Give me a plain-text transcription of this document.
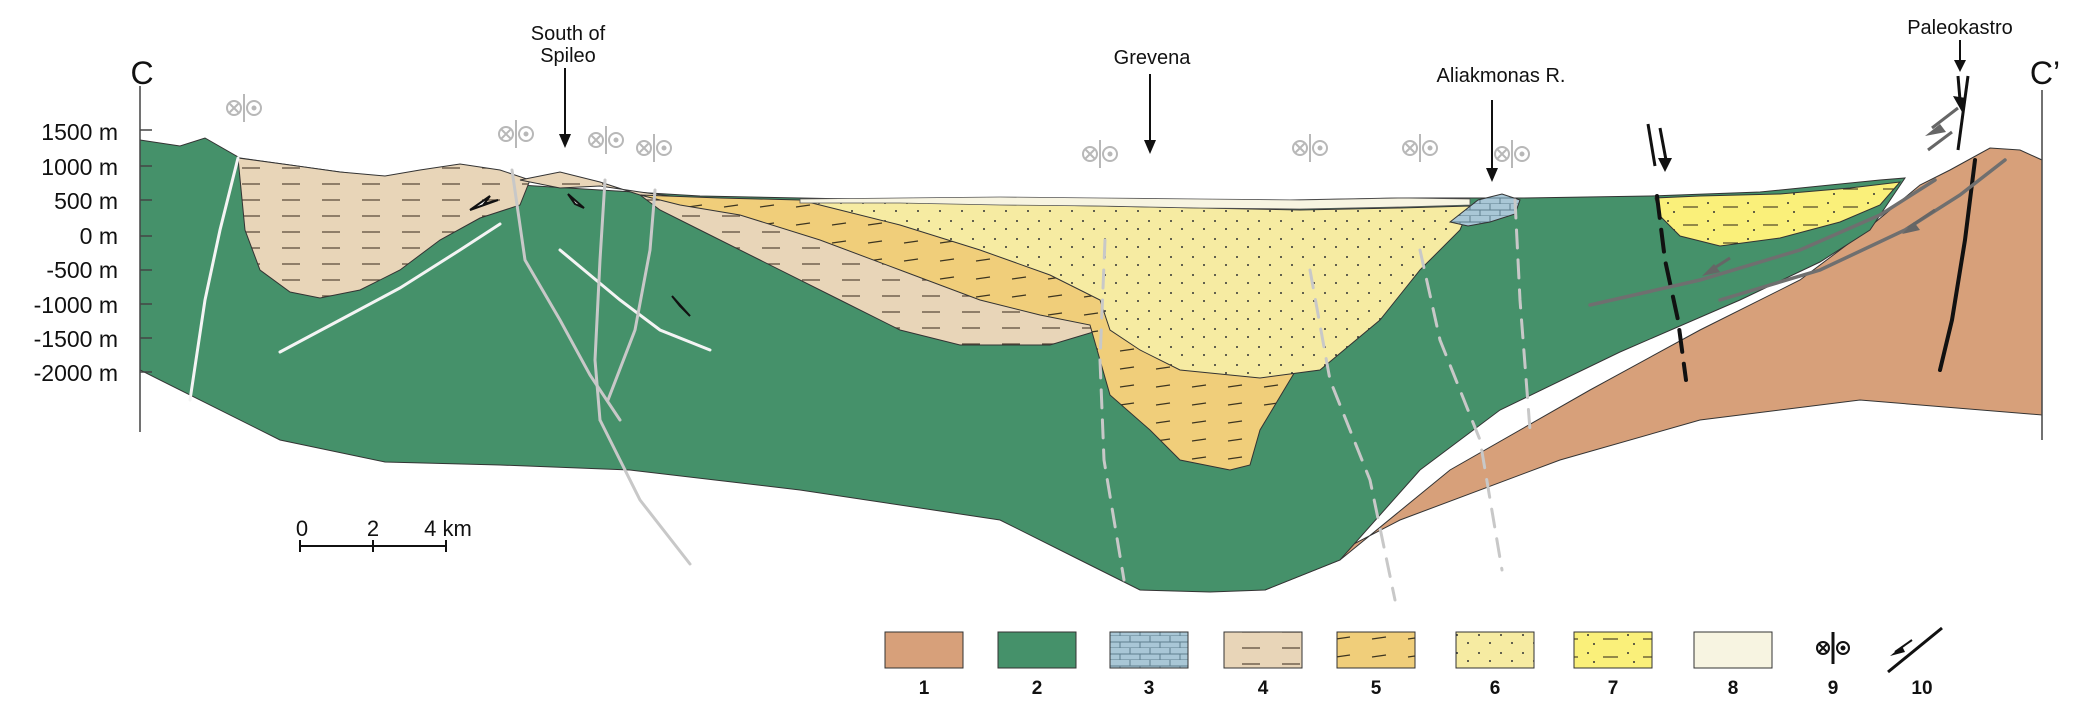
1500 m
1000 m
500 m
0 m
-500 m
-1000 m
-1500 m
-2000 m
C	C’
South of
Spileo	Grevena
Aliakmonas R.
Paleokastro
0	2 4 km
1	2	3	4	5	6	7	8	9	10
